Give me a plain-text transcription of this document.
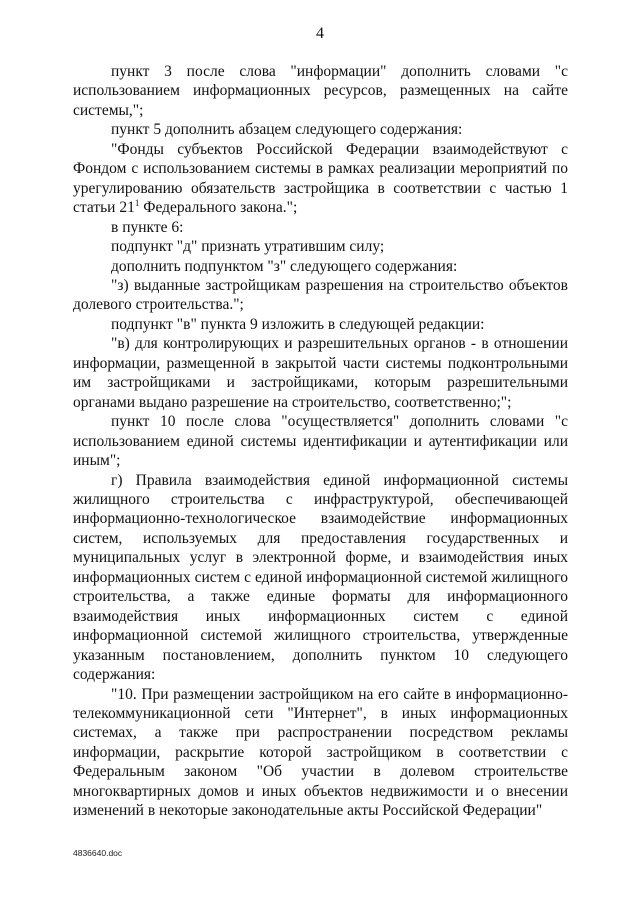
4

пункт 3 после слова "информации" дополнить словами "с использованием информационных ресурсов, размещенных на сайте системы,";

пункт 5 дополнить абзацем следующего содержания:

"Фонды субъектов Российской Федерации взаимодействуют с Фондом с использованием системы в рамках реализации мероприятий по урегулированию обязательств застройщика в соответствии с частью 1 статьи $21^1$ Федерального закона.";

в пункте 6:

подпункт "д" признать утратившим силу;

дополнить подпунктом "з" следующего содержания:

"з) выданные застройщикам разрешения на строительство объектов долевого строительства.";

подпункт "в" пункта 9 изложить в следующей редакции:

"в) для контролирующих и разрешительных органов - в отношении информации, размещенной в закрытой части системы подконтрольными им застройщиками и застройщиками, которым разрешительными органами выдано разрешение на строительство, соответственно;";

пункт 10 после слова "осуществляется" дополнить словами "с использованием единой системы идентификации и аутентификации или иным";

г) Правила взаимодействия единой информационной системы жилищного строительства с инфраструктурой, обеспечивающей информационно-технологическое взаимодействие информационных систем, используемых для предоставления государственных и муниципальных услуг в электронной форме, и взаимодействия иных информационных систем с единой информационной системой жилищного строительства, а также единые форматы для информационного взаимодействия иных информационных систем с единой информационной системой жилищного строительства, утвержденные указанным постановлением, дополнить пунктом 10 следующего содержания:

"10. При размещении застройщиком на его сайте в информационно-телекоммуникационной сети "Интернет", в иных информационных системах, а также при распространении посредством рекламы информации, раскрытие которой застройщиком в соответствии с Федеральным законом "Об участии в долевом строительстве многоквартирных домов и иных объектов недвижимости и о внесении изменений в некоторые законодательные акты Российской Федерации"

4836640.doc
